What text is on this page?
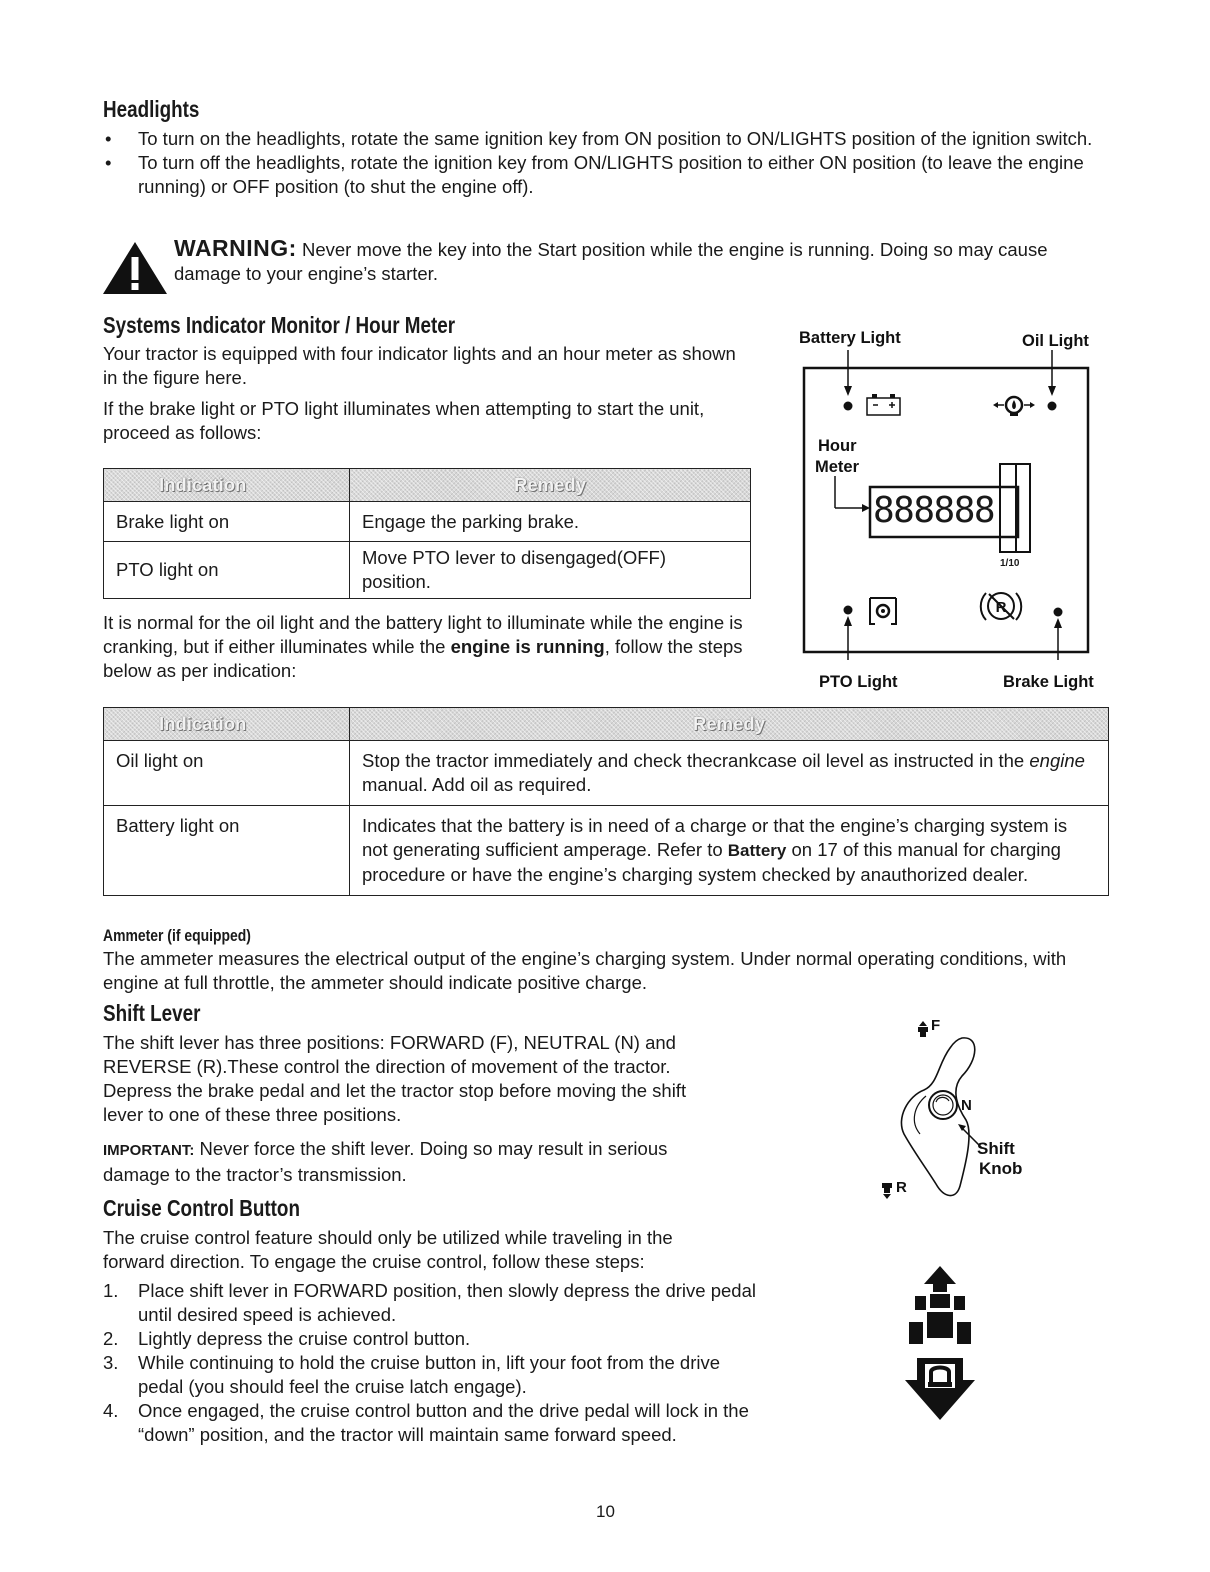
Headlights
• To turn on the headlights, rotate the same ignition key from ON position to ON/LIGHTS position of the ignition switch.
• To turn off the headlights, rotate the ignition key from ON/LIGHTS position to either ON position (to leave the engine running) or OFF position (to shut the engine off).
WARNING: Never move the key into the Start position while the engine is running. Doing so may cause
damage to your engine’s starter.
Systems Indicator Monitor / Hour Meter
Your tractor is equipped with four indicator lights and an hour meter as shown in the figure here.
If the brake light or PTO light illuminates when attempting to start the unit, proceed as follows:
Indication	Remedy
Brake light on	Engage the parking brake.
PTO light on	Move PTO lever to disengaged(OFF) position.
It is normal for the oil light and the battery light to illuminate while the engine is cranking, but if either illuminates while the engine is running, follow the steps below as per indication:
Battery Light	Oil Light
R
Hour
Meter
888888
1/10
PTO Light	Brake Light
Indication	Remedy
Oil light on	Stop the tractor immediately and check thecrankcase oil level as instructed in the engine manual. Add oil as required.
Battery light on	Indicates that the battery is in need of a charge or that the engine’s charging system is not generating sufficient amperage. Refer to Battery on 17 of this manual for charging procedure or have the engine’s charging system checked by anauthorized dealer.
Ammeter (if equipped)
The ammeter measures the electrical output of the engine’s charging system. Under normal operating conditions, with engine at full throttle, the ammeter should indicate positive charge.
Shift Lever
The shift lever has three positions: FORWARD (F), NEUTRAL (N) and REVERSE (R).These control the direction of movement of the tractor. Depress the brake pedal and let the tractor stop before moving the shift lever to one of these three positions.
IMPORTANT: Never force the shift lever. Doing so may result in serious damage to the tractor’s transmission.
F
N
R
Shift
Knob
Cruise Control Button
The cruise control feature should only be utilized while traveling in the forward direction. To engage the cruise control, follow these steps:
1. Place shift lever in FORWARD position, then slowly depress the drive pedal until desired speed is achieved.
2. Lightly depress the cruise control button.
3. While continuing to hold the cruise button in, lift your foot from the drive pedal (you should feel the cruise latch engage).
4. Once engaged, the cruise control button and the drive pedal will lock in the “down” position, and the tractor will maintain same forward speed.
10
